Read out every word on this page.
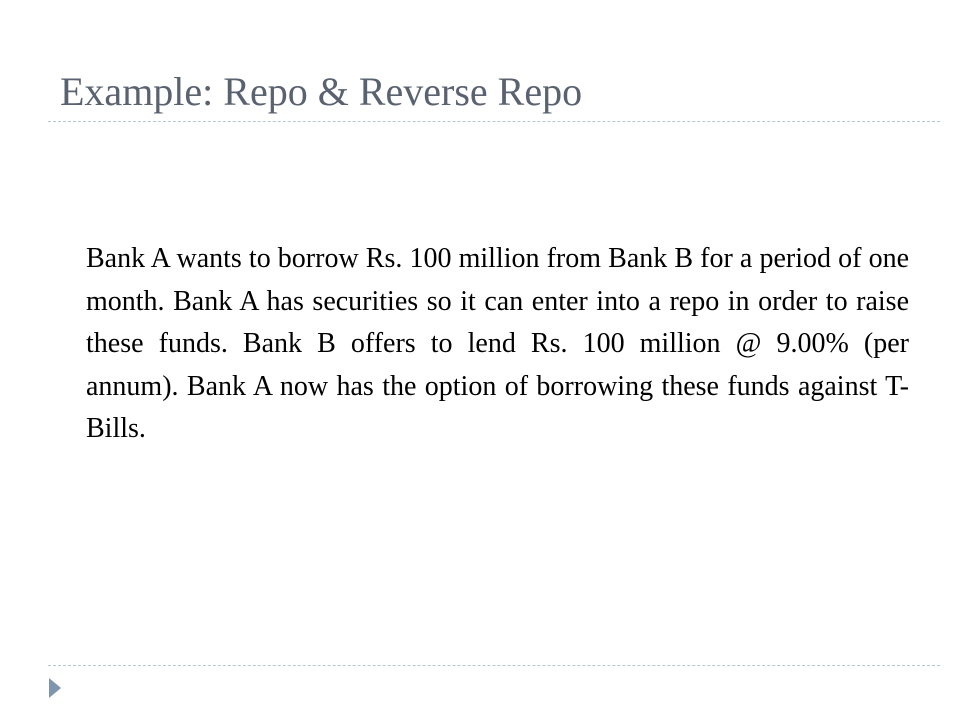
Example: Repo & Reverse Repo

Bank A wants to borrow Rs. 100 million from Bank B for a period of one month. Bank A has securities so it can enter into a repo in order to raise these funds. Bank B offers to lend Rs. 100 million @ 9.00% (per annum). Bank A now has the option of borrowing these funds against T-Bills.
